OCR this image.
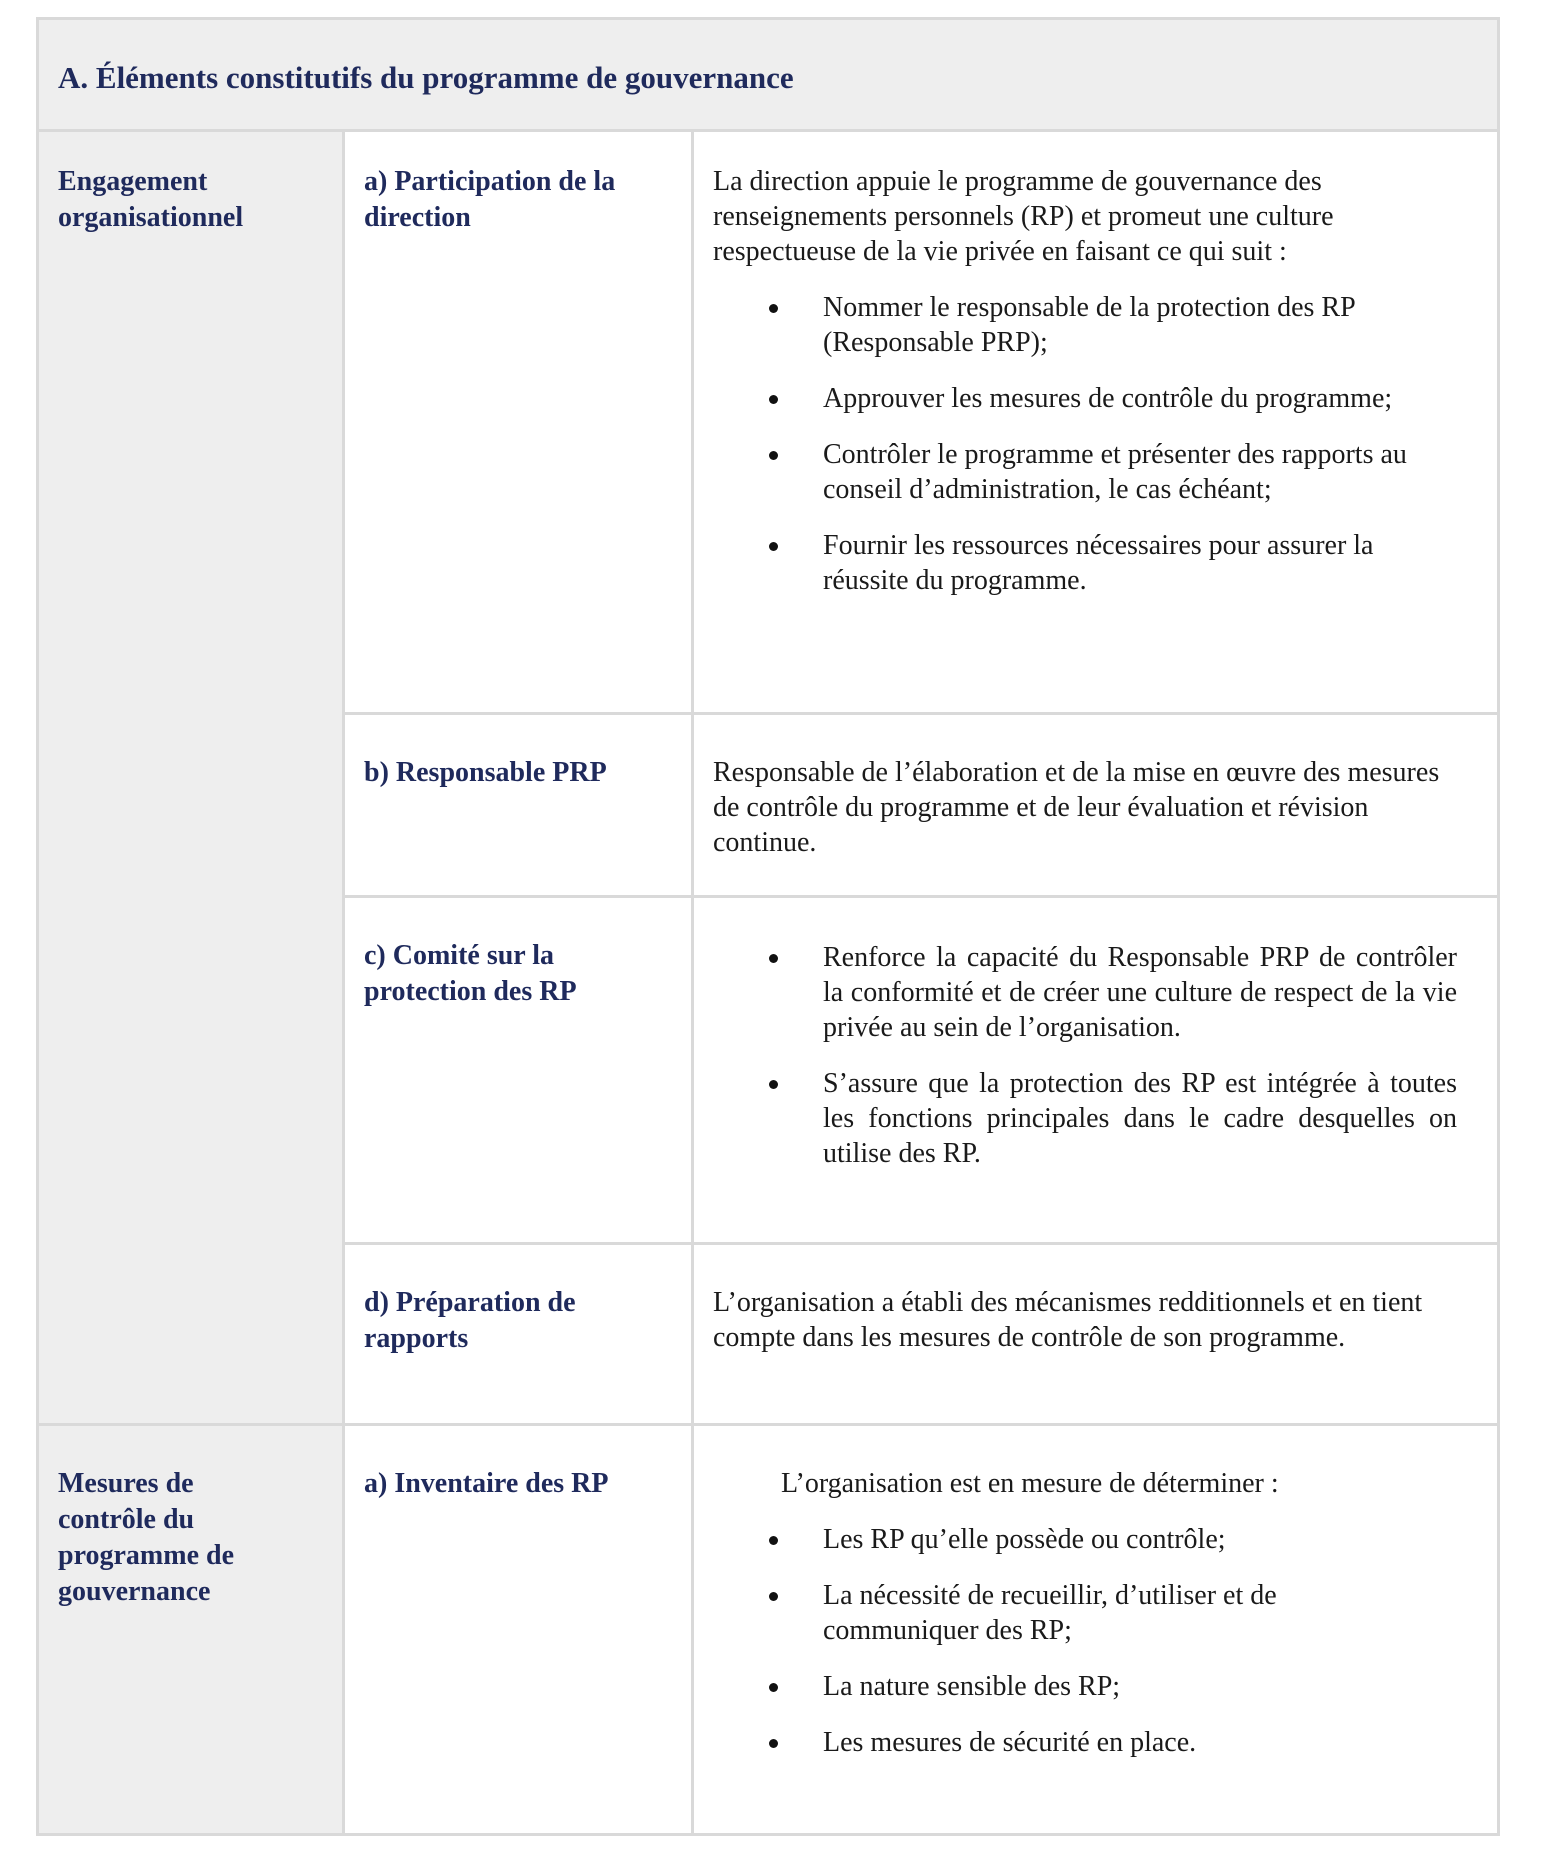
A. Éléments constitutifs du programme de gouvernance
Engagement organisationnel
a) Participation de la direction
La direction appuie le programme de gouvernance des renseignements personnels (RP) et promeut une culture respectueuse de la vie privée en faisant ce qui suit :
Nommer le responsable de la protection des RP (Responsable PRP);
Approuver les mesures de contrôle du programme;
Contrôler le programme et présenter des rapports au conseil d’administration, le cas échéant;
Fournir les ressources nécessaires pour assurer la réussite du programme.
b) Responsable PRP	Responsable de l’élaboration et de la mise en œuvre des mesures de contrôle du programme et de leur évaluation et révision continue.
c) Comité sur la protection des RP
Renforce la capacité du Responsable PRP de contrôler la conformité et de créer une culture de respect de la vie privée au sein de l’organisation.
S’assure que la protection des RP est intégrée à toutes les fonctions principales dans le cadre desquelles on utilise des RP.
d) Préparation de rapports
L’organisation a établi des mécanismes redditionnels et en tient compte dans les mesures de contrôle de son programme.
Mesures de contrôle du programme de gouvernance
a) Inventaire des RP	L’organisation est en mesure de déterminer :
Les RP qu’elle possède ou contrôle;
La nécessité de recueillir, d’utiliser et de communiquer des RP;
La nature sensible des RP;
Les mesures de sécurité en place.
